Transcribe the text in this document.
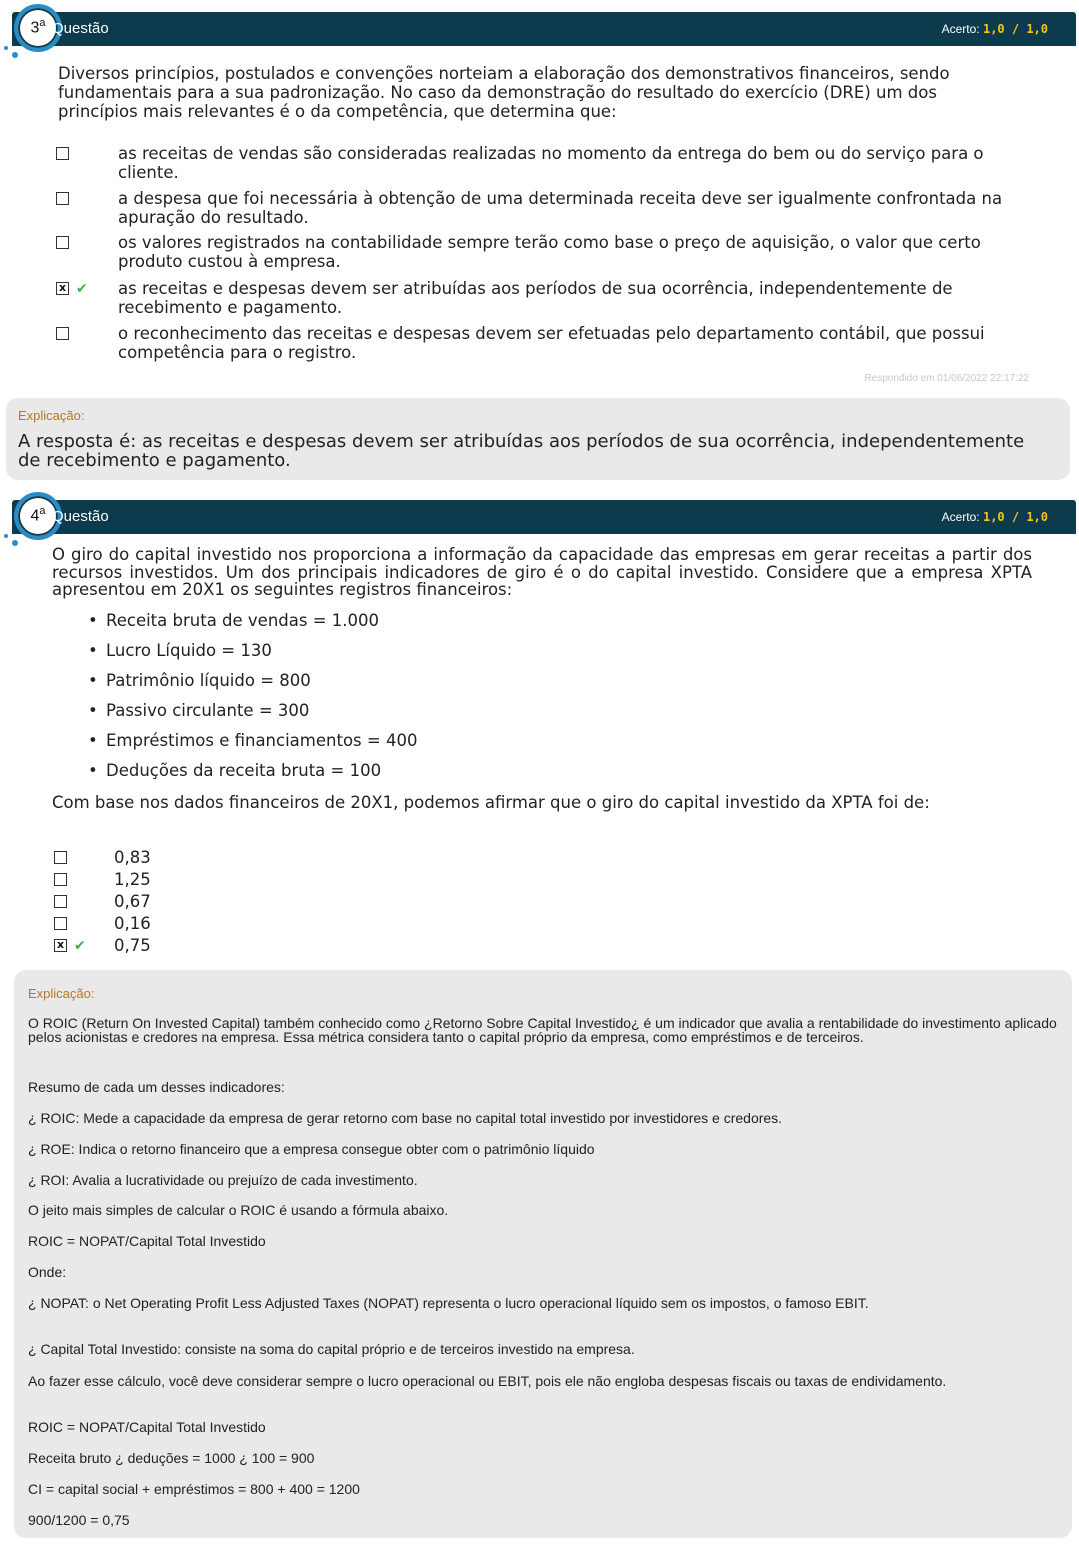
3$^a$ Questão	Acerto: 1,0 / 1,0
Diversos princípios, postulados e convenções norteiam a elaboração dos demonstrativos financeiros, sendo fundamentais para a sua padronização. No caso da demonstração do resultado do exercício (DRE) um dos princípios mais relevantes é o da competência, que determina que:
as receitas de vendas são consideradas realizadas no momento da entrega do bem ou do serviço para o cliente.
a despesa que foi necessária à obtenção de uma determinada receita deve ser igualmente confrontada na apuração do resultado.
os valores registrados na contabilidade sempre terão como base o preço de aquisição, o valor que certo produto custou à empresa.
x ✔ as receitas e despesas devem ser atribuídas aos períodos de sua ocorrência, independentemente de recebimento e pagamento.
o reconhecimento das receitas e despesas devem ser efetuadas pelo departamento contábil, que possui competência para o registro.
Respondido em 01/06/2022 22:17:22
Explicação:
A resposta é: as receitas e despesas devem ser atribuídas aos períodos de sua ocorrência, independentemente de recebimento e pagamento.
4$^a$ Questão	Acerto: 1,0 / 1,0
O giro do capital investido nos proporciona a informação da capacidade das empresas em gerar receitas a partir dos recursos investidos. Um dos principais indicadores de giro é o do capital investido. Considere que a empresa XPTA apresentou em 20X1 os seguintes registros financeiros:
• Receita bruta de vendas = 1.000
• Lucro Líquido = 130
• Patrimônio líquido = 800
• Passivo circulante = 300
• Empréstimos e financiamentos = 400
• Deduções da receita bruta = 100
Com base nos dados financeiros de 20X1, podemos afirmar que o giro do capital investido da XPTA foi de:
0,83
1,25
0,67
0,16
x ✔ 0,75
Explicação:
O ROIC (Return On Invested Capital) também conhecido como ¿Retorno Sobre Capital Investido¿ é um indicador que avalia a rentabilidade do investimento aplicado pelos acionistas e credores na empresa. Essa métrica considera tanto o capital próprio da empresa, como empréstimos e de terceiros.
Resumo de cada um desses indicadores:
¿ ROIC: Mede a capacidade da empresa de gerar retorno com base no capital total investido por investidores e credores.
¿ ROE: Indica o retorno financeiro que a empresa consegue obter com o patrimônio líquido
¿ ROI: Avalia a lucratividade ou prejuízo de cada investimento.
O jeito mais simples de calcular o ROIC é usando a fórmula abaixo.
ROIC = NOPAT/Capital Total Investido
Onde:
¿ NOPAT: o Net Operating Profit Less Adjusted Taxes (NOPAT) representa o lucro operacional líquido sem os impostos, o famoso EBIT.
¿ Capital Total Investido: consiste na soma do capital próprio e de terceiros investido na empresa.
Ao fazer esse cálculo, você deve considerar sempre o lucro operacional ou EBIT, pois ele não engloba despesas fiscais ou taxas de endividamento.
ROIC = NOPAT/Capital Total Investido
Receita bruto ¿ deduções = 1000 ¿ 100 = 900
CI = capital social + empréstimos = 800 + 400 = 1200
900/1200 = 0,75
